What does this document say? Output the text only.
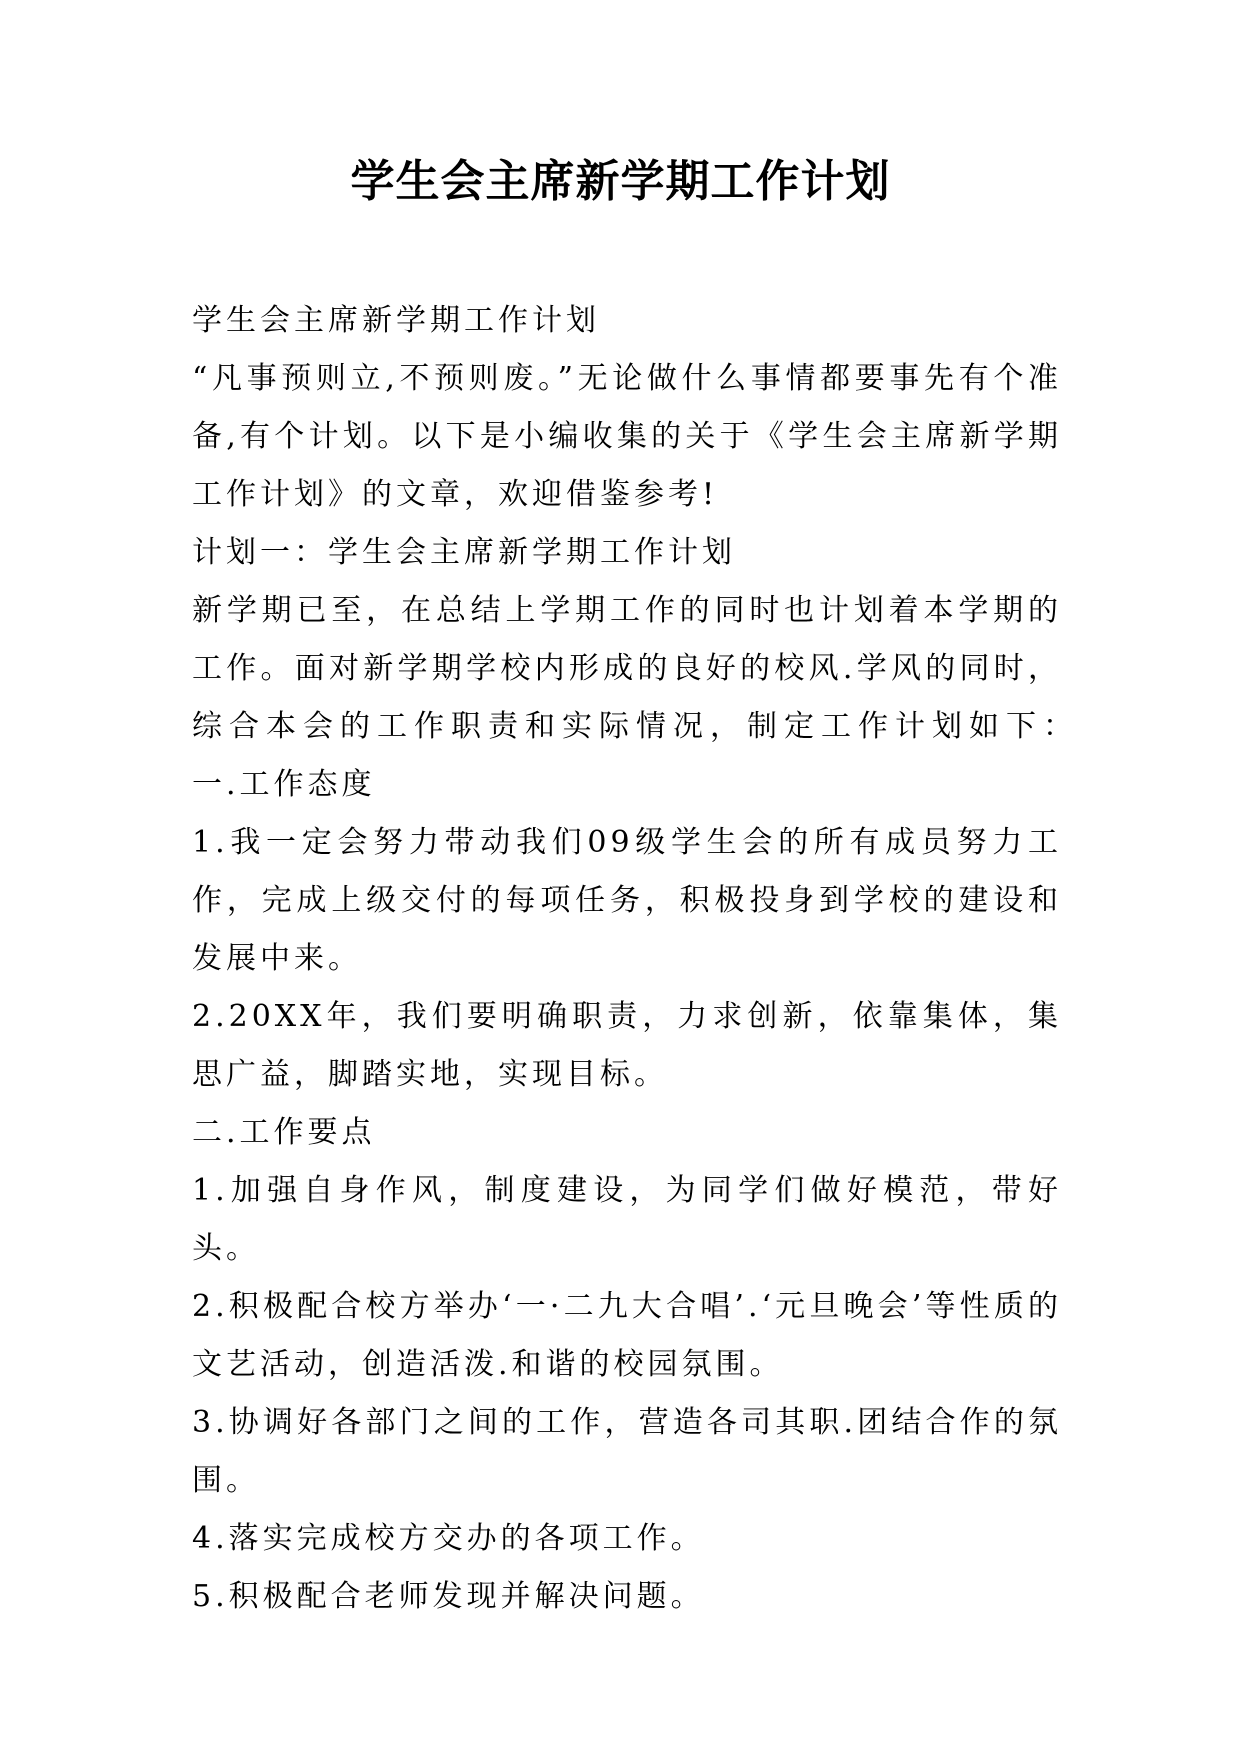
学生会主席新学期工作计划

学生会主席新学期工作计划

“凡事预则立,不预则废。”无论做什么事情都要事先有个准备,有个计划。以下是小编收集的关于《学生会主席新学期工作计划》的文章，欢迎借鉴参考!

计划一：学生会主席新学期工作计划

新学期已至，在总结上学期工作的同时也计划着本学期的工作。面对新学期学校内形成的良好的校风.学风的同时，综合本会的工作职责和实际情况，制定工作计划如下：　一.工作态度

1.我一定会努力带动我们09级学生会的所有成员努力工作，完成上级交付的每项任务，积极投身到学校的建设和发展中来。

2.20XX年，我们要明确职责，力求创新，依靠集体，集思广益，脚踏实地，实现目标。

二.工作要点

1.加强自身作风，制度建设，为同学们做好模范，带好头。

2.积极配合校方举办‘一·二九大合唱’.‘元旦晚会’等性质的文艺活动，创造活泼.和谐的校园氛围。

3.协调好各部门之间的工作，营造各司其职.团结合作的氛围。

4.落实完成校方交办的各项工作。

5.积极配合老师发现并解决问题。
